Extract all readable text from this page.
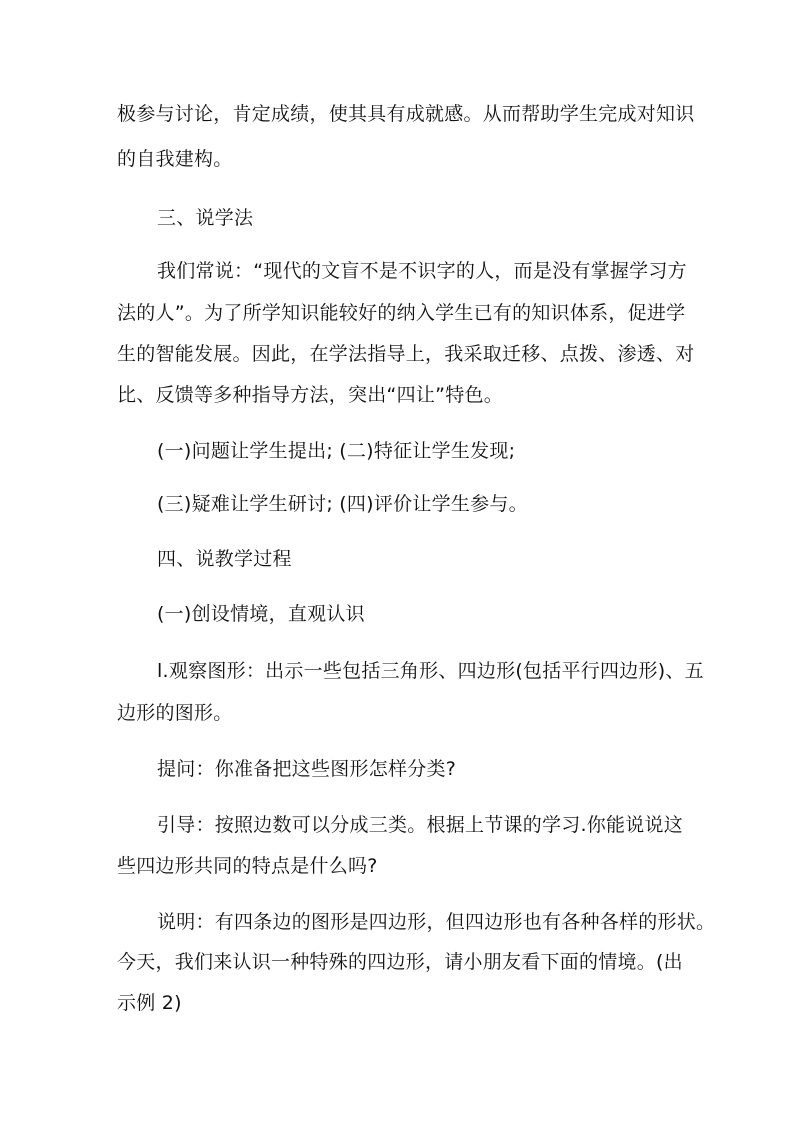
极参与讨论，肯定成绩，使其具有成就感。从而帮助学生完成对知识
的自我建构。
三、说学法
我们常说：“现代的文盲不是不识字的人，而是没有掌握学习方
法的人”。为了所学知识能较好的纳入学生已有的知识体系，促进学
生的智能发展。因此，在学法指导上，我采取迁移、点拨、渗透、对
比、反馈等多种指导方法，突出“四让”特色。
(一)问题让学生提出; (二)特征让学生发现;
(三)疑难让学生研讨; (四)评价让学生参与。
四、说教学过程
(一)创设情境，直观认识
l.观察图形：出示一些包括三角形、四边形(包括平行四边形)、五
边形的图形。
提问：你准备把这些图形怎样分类?
引导：按照边数可以分成三类。根据上节课的学习.你能说说这
些四边形共同的特点是什么吗?
说明：有四条边的图形是四边形，但四边形也有各种各样的形状。
今天，我们来认识一种特殊的四边形，请小朋友看下面的情境。(出
示例 2)
